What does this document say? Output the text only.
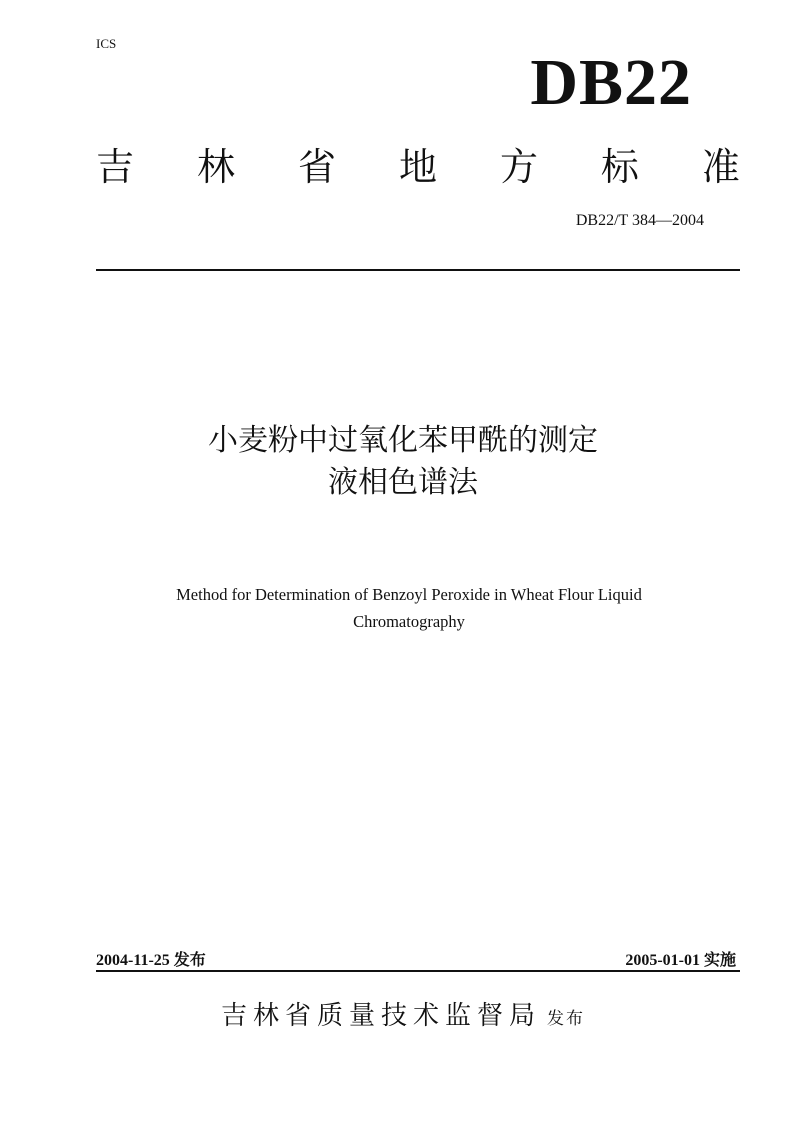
ICS
DB22
吉 林 省 地 方 标 准
DB22/T 384—2004
小麦粉中过氧化苯甲酰的测定
液相色谱法
Method for Determination of Benzoyl Peroxide in Wheat Flour Liquid
Chromatography
2004-11-25 发布	2005-01-01 实施
吉林省质量技术监督局 发布
